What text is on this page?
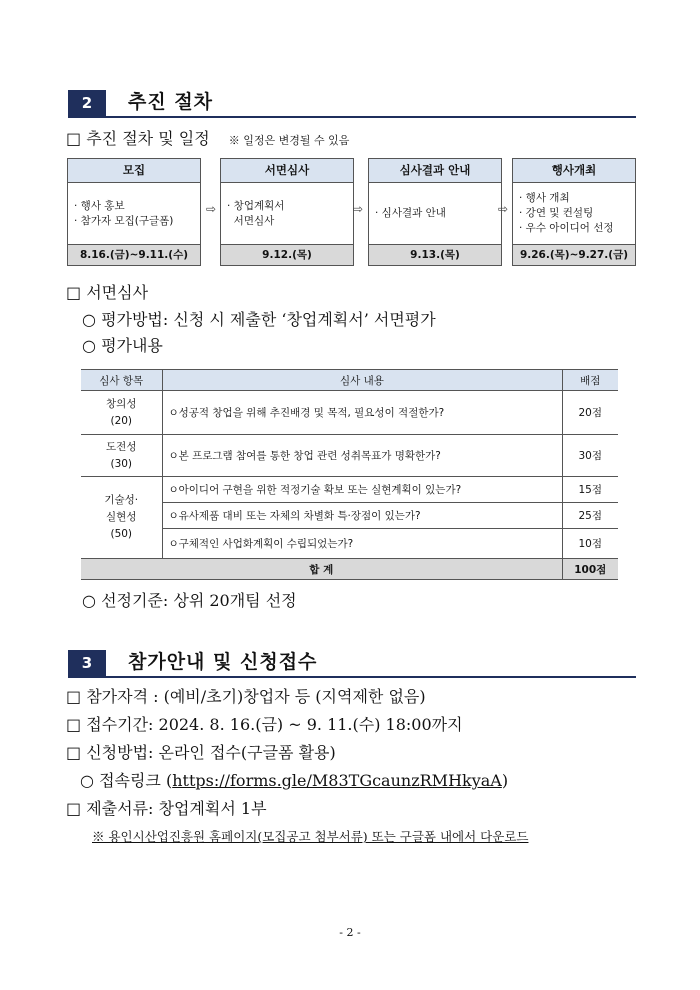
2	추진 절차
□ 추진 절차 및 일정 ※ 일정은 변경될 수 있음
모집
· 행사 홍보
· 참가자 모집(구글폼)
8.16.(금)~9.11.(수)
⇨
서면심사
· 창업계획서
서면심사
9.12.(목)
⇨
심사결과 안내
· 심사결과 안내
9.13.(목)
⇨
행사개최
· 행사 개최
· 강연 및 컨설팅
· 우수 아이디어 선정
9.26.(목)~9.27.(금)
□ 서면심사
○ 평가방법: 신청 시 제출한 ‘창업계획서’ 서면평가
○ 평가내용
심사 항목	심사 내용	배점

창의성
(20)	ㅇ성공적 창업을 위해 추진배경 및 목적, 필요성이 적절한가?	20점

도전성
(30)	ㅇ본 프로그램 참여를 통한 창업 관련 성취목표가 명확한가?	30점

기술성·
실현성
(50)	ㅇ아이디어 구현을 위한 적정기술 확보 또는 실현계획이 있는가?	15점
	ㅇ유사제품 대비 또는 자체의 차별화 특·장점이 있는가?	25점
	ㅇ구체적인 사업화계획이 수립되었는가?	10점
합 계		100점
○ 선정기준: 상위 20개팀 선정
3	참가안내 및 신청접수
□ 참가자격 : (예비/초기)창업자 등 (지역제한 없음)
□ 접수기간: 2024. 8. 16.(금) ~ 9. 11.(수) 18:00까지
□ 신청방법: 온라인 접수(구글폼 활용)
○ 접속링크 (https://forms.gle/M83TGcaunzRMHkyaA)
□ 제출서류: 창업계획서 1부
※ 용인시산업진흥원 홈페이지(모집공고 첨부서류) 또는 구글폼 내에서 다운로드
- 2 -
